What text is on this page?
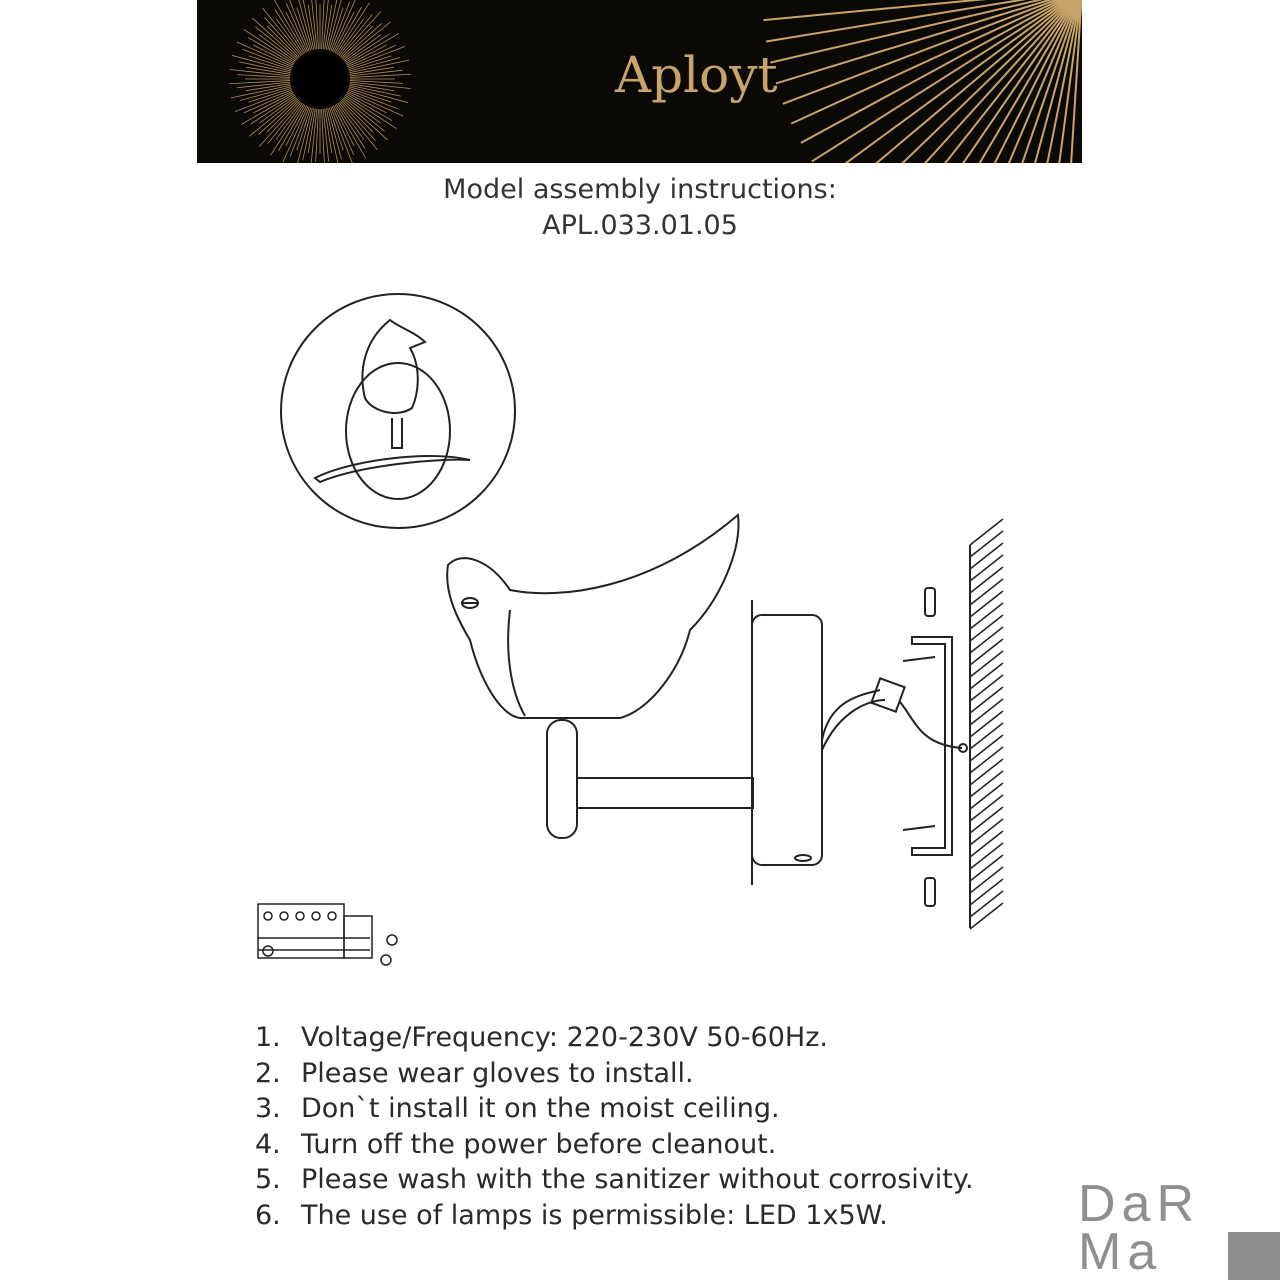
Aployt
Model assembly instructions:
APL.033.01.05
1. Voltage/Frequency: 220-230V 50-60Hz.
2. Please wear gloves to install.
3. Don`t install it on the moist ceiling.
4. Turn off the power before cleanout.
5. Please wash with the sanitizer without corrosivity.
6. The use of lamps is permissible: LED 1x5W.	DaR
Ma
